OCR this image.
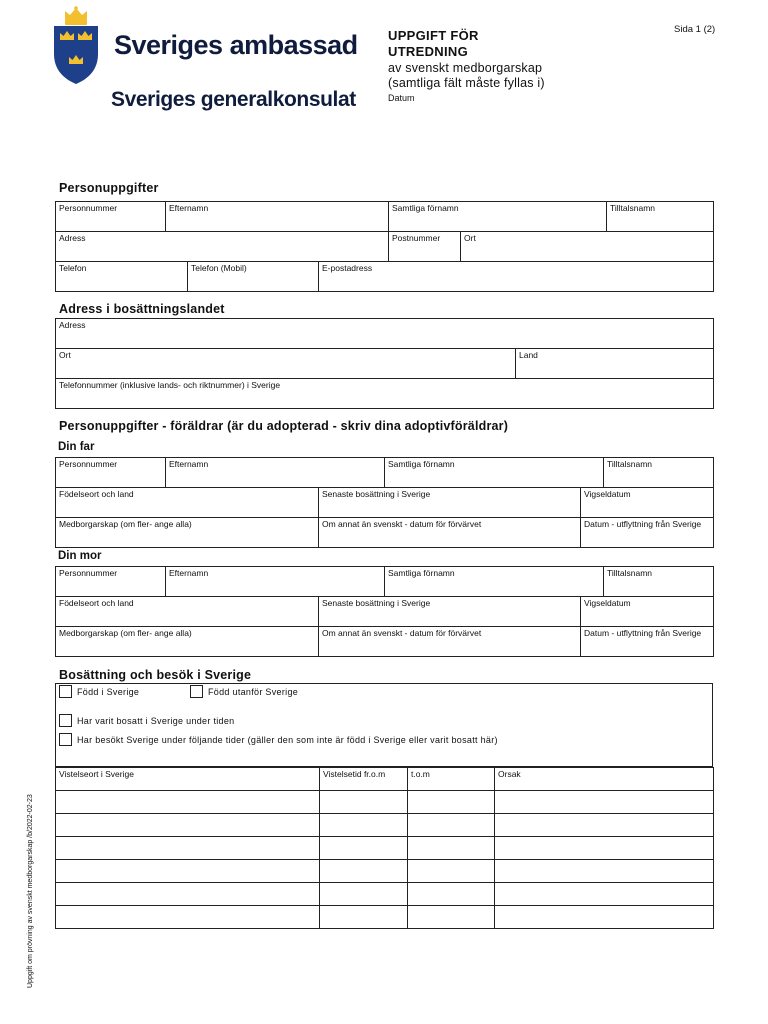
Sveriges ambassad
Sveriges generalkonsulat
UPPGIFT FÖR UTREDNING
av svenskt medborgarskap (samtliga fält måste fyllas i)
Datum
Sida 1 (2)
Personuppgifter
Personnummer	Efternamn			Samtliga förnamn		Tilltalsnamn
Adress				Postnummer	Ort	
Telefon		Telefon (Mobil)	E-postadress			
Adress i bosättningslandet
Adress
Ort	Land
Telefonnummer (inklusive lands- och riktnummer) i Sverige
Personuppgifter - föräldrar (är du adopterad - skriv dina adoptivföräldrar)
Din far
Personnummer	Efternamn		Samtliga förnamn		Tilltalsnamn
Födelseort och land		Senaste bosättning i Sverige		Vigseldatum	
Medborgarskap (om fler- ange alla)		Om annat än svenskt - datum för förvärvet		Datum - utflyttning från Sverige	
Din mor
Personnummer	Efternamn		Samtliga förnamn		Tilltalsnamn
Födelseort och land		Senaste bosättning i Sverige		Vigseldatum	
Medborgarskap (om fler- ange alla)		Om annat än svenskt - datum för förvärvet		Datum - utflyttning från Sverige	
Bosättning och besök i Sverige
Född i Sverige	Född utanför Sverige
Har varit bosatt i Sverige under tiden
Har besökt Sverige under följande tider (gäller den som inte är född i Sverige eller varit bosatt här)
Vistelseort i Sverige	Vistelsetid fr.o.m	t.o.m	Orsak

Uppgift om prövning av svenskt medborgarskap /b/2022-02-23
